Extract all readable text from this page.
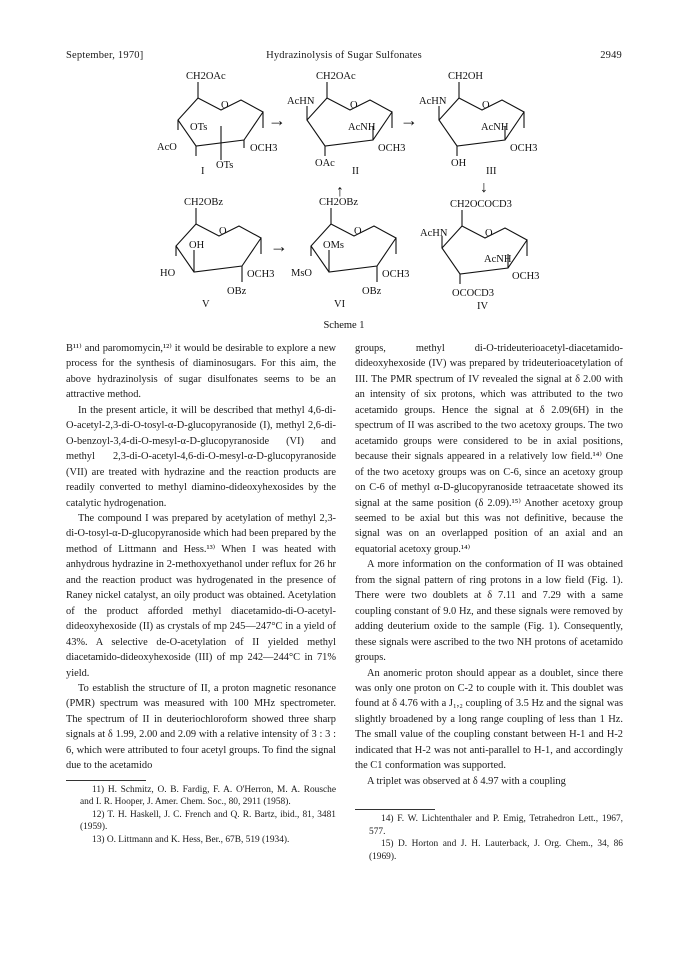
September, 1970]	Hydrazinolysis of Sugar Sulfonates	2949
→	→
↑	↓
→
CH2OAc
O
OTs
AcO	OCH3
OTs
I
CH2OAc
AcHN	O
AcNH
OCH3
OAc
II
CH2OH
AcHN	O
AcNH
OCH3
OH
III
CH2OBz
O
OH
HO	OCH3
OBz
V
CH2OBz
O
OMs
MsO	OCH3
OBz
VI
CH2OCOCD3
AcHN	O
AcNH
OCH3
OCOCD3
IV
Scheme 1

B¹¹⁾ and paromomycin,¹²⁾ it would be desirable to explore a new process for the synthesis of diaminosugars. For this aim, the above hydrazinolysis of sugar disulfonates seems to be an attractive method.

In the present article, it will be described that methyl 4,6-di-O-acetyl-2,3-di-O-tosyl-α-D-glucopyranoside (I), methyl 2,6-di-O-benzoyl-3,4-di-O-mesyl-α-D-glucopyranoside (VI) and methyl 2,3-di-O-acetyl-4,6-di-O-mesyl-α-D-glucopyranoside (VII) are treated with hydrazine and the reaction products are readily converted to methyl diamino-dideoxyhexosides by the catalytic hydrogenation.

The compound I was prepared by acetylation of methyl 2,3-di-O-tosyl-α-D-glucopyranoside which had been prepared by the method of Littmann and Hess.¹³⁾ When I was heated with anhydrous hydrazine in 2-methoxyethanol under reflux for 26 hr and the reaction product was hydrogenated in the presence of Raney nickel catalyst, an oily product was obtained. Acetylation of the product afforded methyl diacetamido-di-O-acetyl-dideoxyhexoside (II) as crystals of mp 245—247°C in a yield of 43%. A selective de-O-acetylation of II yielded methyl diacetamido-dideoxyhexoside (III) of mp 242—244°C in 71% yield.

To establish the structure of II, a proton magnetic resonance (PMR) spectrum was measured with 100 MHz spectrometer. The spectrum of II in deuteriochloroform showed three sharp signals at δ 1.99, 2.00 and 2.09 with a relative intensity of 3 : 3 : 6, which were attributed to four acetyl groups. To find the signal due to the acetamido

11) H. Schmitz, O. B. Fardig, F. A. O'Herron, M. A. Rousche and I. R. Hooper, J. Amer. Chem. Soc., 80, 2911 (1958).

12) T. H. Haskell, J. C. French and Q. R. Bartz, ibid., 81, 3481 (1959).

13) O. Littmann and K. Hess, Ber., 67B, 519 (1934).

groups, methyl di-O-trideuterioacetyl-diacetamido-dideoxyhexoside (IV) was prepared by trideuterioacetylation of III. The PMR spectrum of IV revealed the signal at δ 2.00 with an intensity of six protons, which was attributed to the two acetamido groups. Hence the signal at δ 2.09(6H) in the spectrum of II was ascribed to the two acetoxy groups. The two acetamido groups were considered to be in axial positions, because their signals appeared in a relatively low field.¹⁴⁾ One of the two acetoxy groups was on C-6, since an acetoxy group on C-6 of methyl α-D-glucopyranoside tetraacetate showed its signal at the same position (δ 2.09).¹⁵⁾ Another acetoxy group seemed to be axial but this was not definitive, because the signal was on an overlapped position of an axial and an equatorial acetoxy group.¹⁴⁾

A more information on the conformation of II was obtained from the signal pattern of ring protons in a low field (Fig. 1). There were two doublets at δ 7.11 and 7.29 with a same coupling constant of 9.0 Hz, and these signals were removed by adding deuterium oxide to the sample (Fig. 1). Consequently, these signals were ascribed to the two NH protons of acetamido groups.

An anomeric proton should appear as a doublet, since there was only one proton on C-2 to couple with it. This doublet was found at δ 4.76 with a J₁,₂ coupling of 3.5 Hz and the signal was slightly broadened by a long range coupling of less than 1 Hz. The small value of the coupling constant between H-1 and H-2 indicated that H-2 was not anti-parallel to H-1, and accordingly the C1 conformation was supported.

A triplet was observed at δ 4.97 with a coupling

14) F. W. Lichtenthaler and P. Emig, Tetrahedron Lett., 1967, 577.

15) D. Horton and J. H. Lauterback, J. Org. Chem., 34, 86 (1969).
